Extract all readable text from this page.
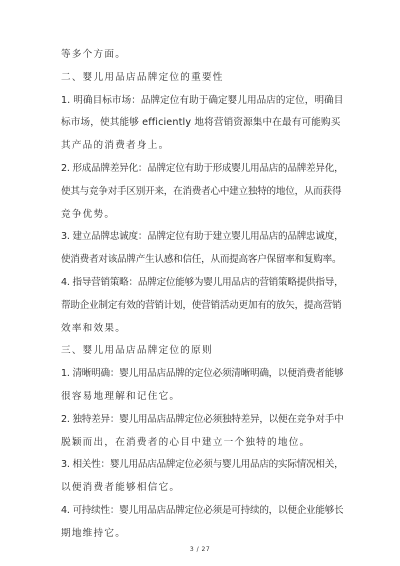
等多个方面。
二、婴儿用品店品牌定位的重要性
1. 明确目标市场：品牌定位有助于确定婴儿用品店的定位，明确目
标市场，使其能够 efficiently 地将营销资源集中在最有可能购买
其产品的消费者身上。
2. 形成品牌差异化：品牌定位有助于形成婴儿用品店的品牌差异化，
使其与竞争对手区别开来，在消费者心中建立独特的地位，从而获得
竞争优势。
3. 建立品牌忠诚度：品牌定位有助于建立婴儿用品店的品牌忠诚度，
使消费者对该品牌产生认感和信任，从而提高客户保留率和复购率。
4. 指导营销策略：品牌定位能够为婴儿用品店的营销策略提供指导，
帮助企业制定有效的营销计划，使营销活动更加有的放矢，提高营销
效率和效果。
三、婴儿用品店品牌定位的原则
1. 清晰明确：婴儿用品店品牌的定位必须清晰明确，以便消费者能够
很容易地理解和记住它。
2. 独特差异：婴儿用品店品牌定位必须独特差异，以便在竞争对手中
脱颖而出，在消费者的心目中建立一个独特的地位。
3. 相关性：婴儿用品店品牌定位必须与婴儿用品店的实际情况相关，
以便消费者能够相信它。
4. 可持续性：婴儿用品店品牌定位必须是可持续的，以便企业能够长
期地维持它。
3 / 27
